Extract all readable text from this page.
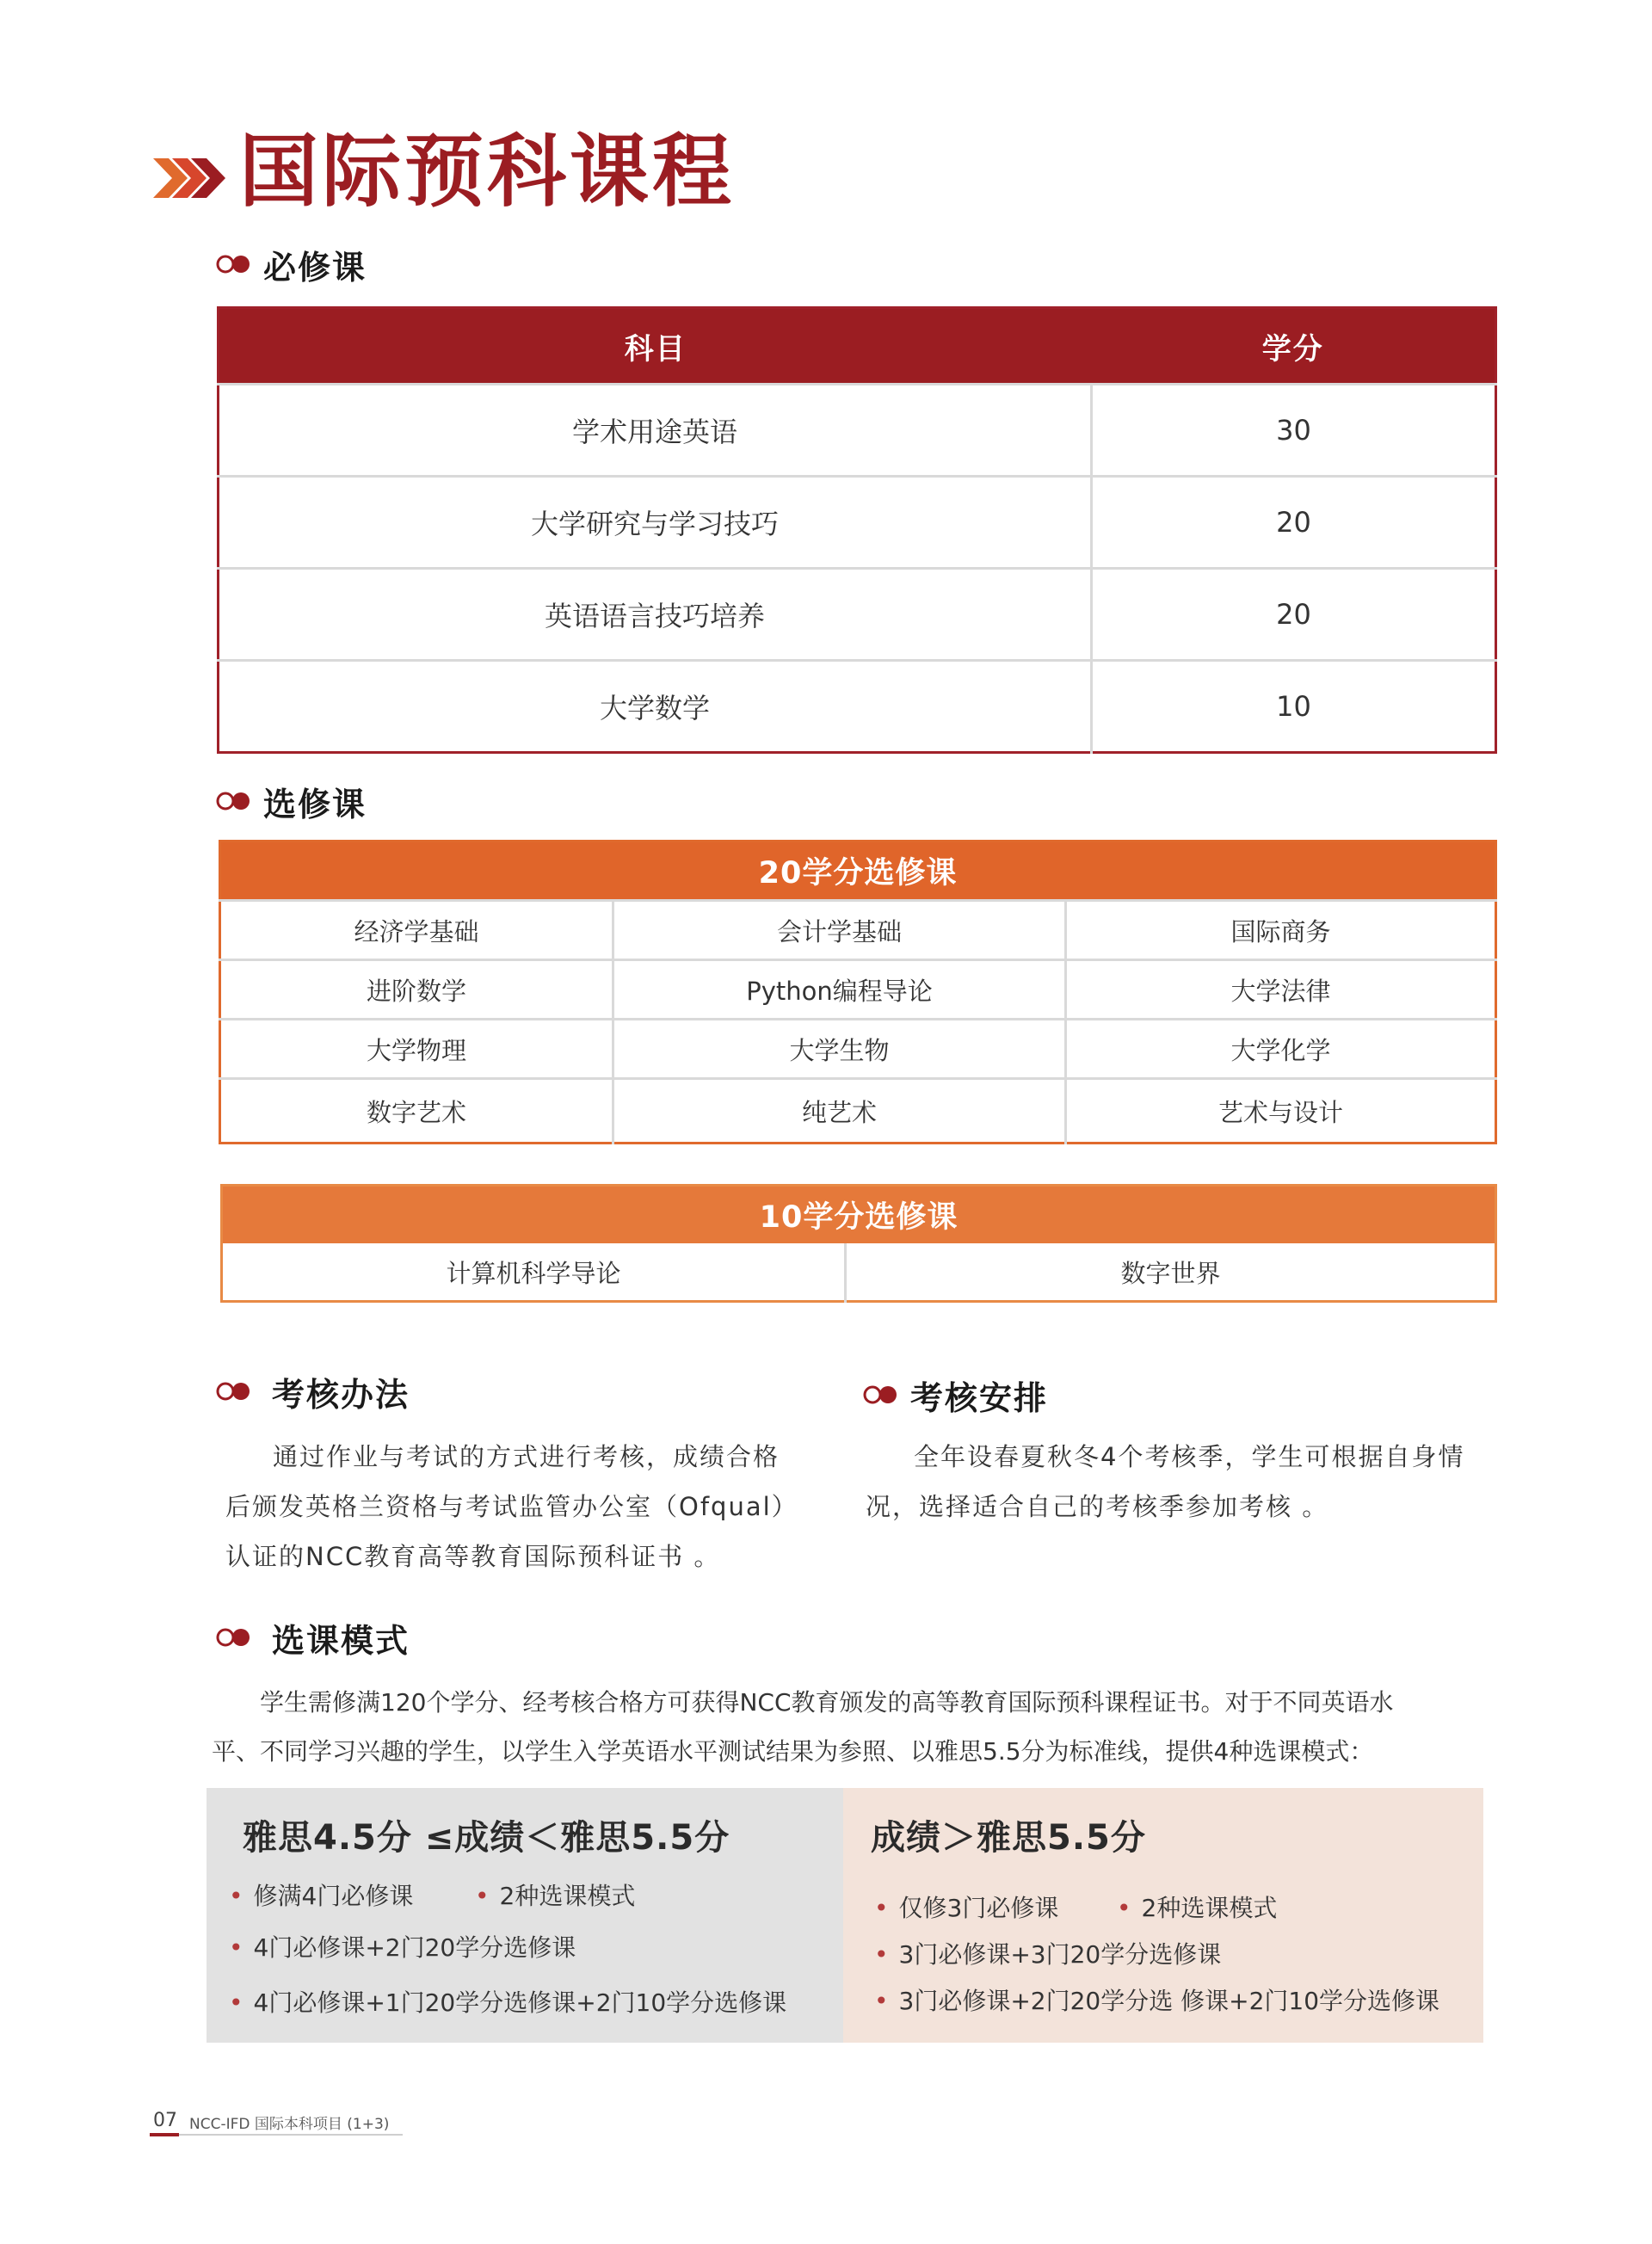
国际预科课程
必修课
科目	学分
学术用途英语	30
大学研究与学习技巧	20
英语语言技巧培养	20
大学数学	10
选修课
20学分选修课		
经济学基础	会计学基础	国际商务
进阶数学	Python编程导论	大学法律
大学物理	大学生物	大学化学
数字艺术	纯艺术	艺术与设计
10学分选修课
计算机科学导论	数字世界
考核办法
通过作业与考试的方式进行考核，成绩合格
后颁发英格兰资格与考试监管办公室（Ofqual）
认证的NCC教育高等教育国际预科证书 。
考核安排
全年设春夏秋冬4个考核季，学生可根据自身情
况，选择适合自己的考核季参加考核 。
选课模式
学生需修满120个学分、经考核合格方可获得NCC教育颁发的高等教育国际预科课程证书。对于不同英语水
平、不同学习兴趣的学生，以学生入学英语水平测试结果为参照、以雅思5.5分为标准线，提供4种选课模式：
雅思4.5分 ≤成绩＜雅思5.5分
• 修满4门必修课	• 2种选课模式
• 4门必修课+2门20学分选修课
• 4门必修课+1门20学分选修课+2门10学分选修课
成绩＞雅思5.5分
• 仅修3门必修课 • 2种选课模式
• 3门必修课+3门20学分选修课
• 3门必修课+2门20学分选 修课+2门10学分选修课
07 NCC-IFD 国际本科项目 (1+3)
